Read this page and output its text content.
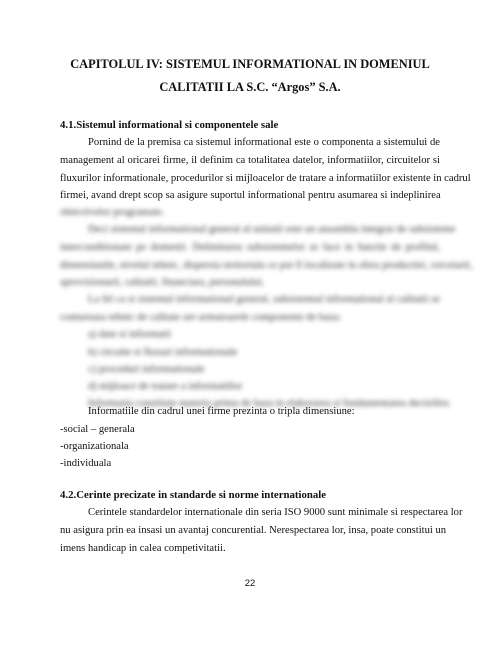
CAPITOLUL IV: SISTEMUL INFORMATIONAL IN DOMENIUL
CALITATII LA S.C. “Argos” S.A.
4.1.Sistemul informational si componentele sale
Pornind de la premisa ca sistemul informational este o componenta a sistemului de
management al oricarei firme, il definim ca totalitatea datelor, informatiilor, circuitelor si
fluxurilor informationale, procedurilor si mijloacelor de tratare a informatiilor existente in cadrul
firmei, avand drept scop sa asigure suportul informational pentru asumarea si indeplinirea
obiectivelor programate.
Deci sistemul informational general al unitatii este un ansamblu integrat de subsisteme
interconditionate pe domenii. Delimitarea subsistemelor se face in functie de profilul,
dimensiunile, nivelul tehnic, dispersia teritoriala ce pot fi localizate in sfera productiei, cercetarii,
aprovizionarii, calitatii, financiara, personalului.
La fel ca si sistemul informational general, subsistemul informational al calitatii se
contureaza tehnic de calitate are urmatoarele componente de baza:
a) date si informatii
b) circuite si fluxuri informationale
c) proceduri informationale
d) mijloace de tratare a informatiilor
Informatia constituie materia prima de baza in elaborarea si fundamentarea deciziilor.
Informatiile din cadrul unei firme prezinta o tripla dimensiune:
-social – generala
-organizationala
-individuala
4.2.Cerinte precizate in standarde si norme internationale
Cerintele standardelor internationale din seria ISO 9000 sunt minimale si respectarea lor
nu asigura prin ea insasi un avantaj concurential. Nerespectarea lor, insa, poate constitui un
imens handicap in calea competivitatii.
22
